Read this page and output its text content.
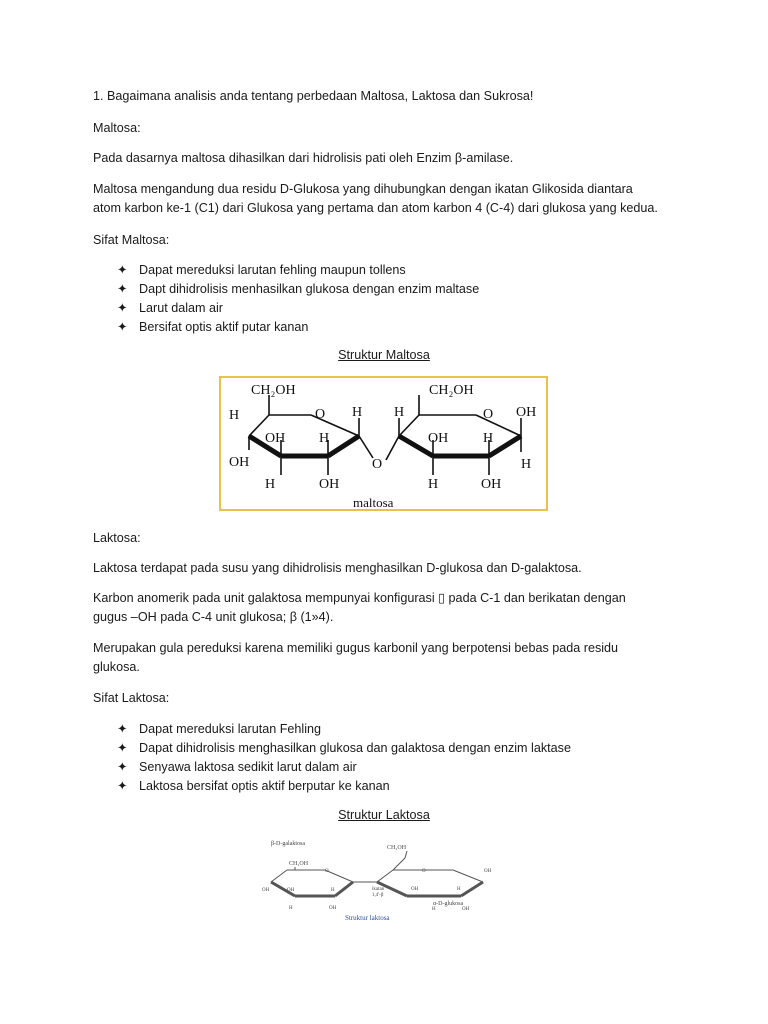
1. Bagaimana analisis anda tentang perbedaan Maltosa, Laktosa dan Sukrosa!
Maltosa:
Pada dasarnya maltosa dihasilkan dari hidrolisis pati oleh Enzim β-amilase.
Maltosa mengandung dua residu D-Glukosa yang dihubungkan dengan ikatan Glikosida diantara
atom karbon ke-1 (C1) dari Glukosa yang pertama dan atom karbon 4 (C-4) dari glukosa yang kedua.
Sifat Maltosa:
✦ Dapat mereduksi larutan fehling maupun tollens
✦ Dapt dihidrolisis menhasilkan glukosa dengan enzim maltase
✦ Larut dalam air
✦ Bersifat optis aktif putar kanan
Struktur Maltosa
CH₂OH
O
H
OH
OH H
H	OH
H
O
H
CH₂OH
O OH
OH H
H
H	OH
maltosa
Laktosa:
Laktosa terdapat pada susu yang dihidrolisis menghasilkan D-glukosa dan D-galaktosa.
Karbon anomerik pada unit galaktosa mempunyai konfigurasi ▯ pada C-1 dan berikatan dengan
gugus –OH pada C-4 unit glukosa; β (1»4).
Merupakan gula pereduksi karena memiliki gugus karbonil yang berpotensi bebas pada residu
glukosa.
Sifat Laktosa:
✦ Dapat mereduksi larutan Fehling
✦ Dapat dihidrolisis menghasilkan glukosa dan galaktosa dengan enzim laktase
✦ Senyawa laktosa sedikit larut dalam air
✦ Laktosa bersifat optis aktif berputar ke kanan
Struktur Laktosa
β-D-galaktosa
CH₂OH
CH₂OH
α-D-glukosa
ikatan
1,4'-β
O
O	OH
OH	OH	H	OH	H
H	OH	H	OH
Struktur laktosa
